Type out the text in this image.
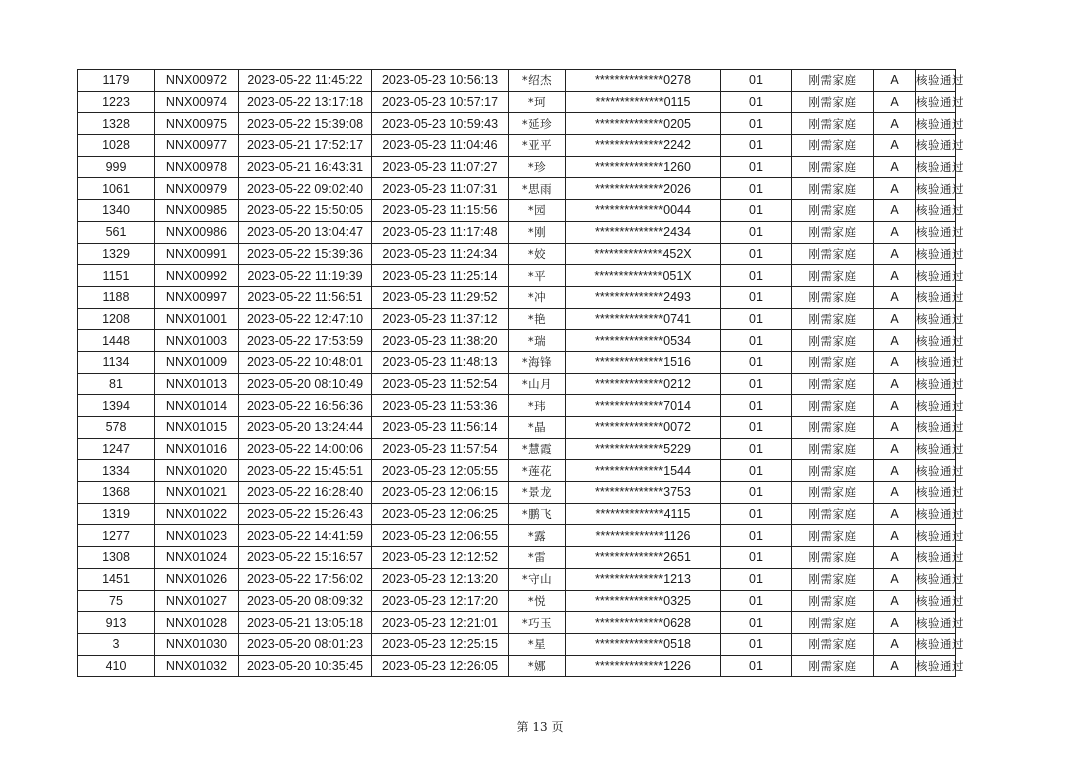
1179	NNX00972	2023-05-22 11:45:22	2023-05-23 10:56:13	*绍杰	**************0278	01	刚需家庭	A	核验通过
1223	NNX00974	2023-05-22 13:17:18	2023-05-23 10:57:17	*珂	**************0115	01	刚需家庭	A	核验通过
1328	NNX00975	2023-05-22 15:39:08	2023-05-23 10:59:43	*延珍	**************0205	01	刚需家庭	A	核验通过
1028	NNX00977	2023-05-21 17:52:17	2023-05-23 11:04:46	*亚平	**************2242	01	刚需家庭	A	核验通过
999	NNX00978	2023-05-21 16:43:31	2023-05-23 11:07:27	*珍	**************1260	01	刚需家庭	A	核验通过
1061	NNX00979	2023-05-22 09:02:40	2023-05-23 11:07:31	*思雨	**************2026	01	刚需家庭	A	核验通过
1340	NNX00985	2023-05-22 15:50:05	2023-05-23 11:15:56	*园	**************0044	01	刚需家庭	A	核验通过
561	NNX00986	2023-05-20 13:04:47	2023-05-23 11:17:48	*刚	**************2434	01	刚需家庭	A	核验通过
1329	NNX00991	2023-05-22 15:39:36	2023-05-23 11:24:34	*姣	**************452X	01	刚需家庭	A	核验通过
1151	NNX00992	2023-05-22 11:19:39	2023-05-23 11:25:14	*平	**************051X	01	刚需家庭	A	核验通过
1188	NNX00997	2023-05-22 11:56:51	2023-05-23 11:29:52	*冲	**************2493	01	刚需家庭	A	核验通过
1208	NNX01001	2023-05-22 12:47:10	2023-05-23 11:37:12	*艳	**************0741	01	刚需家庭	A	核验通过
1448	NNX01003	2023-05-22 17:53:59	2023-05-23 11:38:20	*瑞	**************0534	01	刚需家庭	A	核验通过
1134	NNX01009	2023-05-22 10:48:01	2023-05-23 11:48:13	*海锋	**************1516	01	刚需家庭	A	核验通过
81	NNX01013	2023-05-20 08:10:49	2023-05-23 11:52:54	*山月	**************0212	01	刚需家庭	A	核验通过
1394	NNX01014	2023-05-22 16:56:36	2023-05-23 11:53:36	*玮	**************7014	01	刚需家庭	A	核验通过
578	NNX01015	2023-05-20 13:24:44	2023-05-23 11:56:14	*晶	**************0072	01	刚需家庭	A	核验通过
1247	NNX01016	2023-05-22 14:00:06	2023-05-23 11:57:54	*慧霞	**************5229	01	刚需家庭	A	核验通过
1334	NNX01020	2023-05-22 15:45:51	2023-05-23 12:05:55	*莲花	**************1544	01	刚需家庭	A	核验通过
1368	NNX01021	2023-05-22 16:28:40	2023-05-23 12:06:15	*景龙	**************3753	01	刚需家庭	A	核验通过
1319	NNX01022	2023-05-22 15:26:43	2023-05-23 12:06:25	*鹏飞	**************4115	01	刚需家庭	A	核验通过
1277	NNX01023	2023-05-22 14:41:59	2023-05-23 12:06:55	*露	**************1126	01	刚需家庭	A	核验通过
1308	NNX01024	2023-05-22 15:16:57	2023-05-23 12:12:52	*雷	**************2651	01	刚需家庭	A	核验通过
1451	NNX01026	2023-05-22 17:56:02	2023-05-23 12:13:20	*守山	**************1213	01	刚需家庭	A	核验通过
75	NNX01027	2023-05-20 08:09:32	2023-05-23 12:17:20	*悦	**************0325	01	刚需家庭	A	核验通过
913	NNX01028	2023-05-21 13:05:18	2023-05-23 12:21:01	*巧玉	**************0628	01	刚需家庭	A	核验通过
3	NNX01030	2023-05-20 08:01:23	2023-05-23 12:25:15	*星	**************0518	01	刚需家庭	A	核验通过
410	NNX01032	2023-05-20 10:35:45	2023-05-23 12:26:05	*娜	**************1226	01	刚需家庭	A	核验通过
第 13 页
